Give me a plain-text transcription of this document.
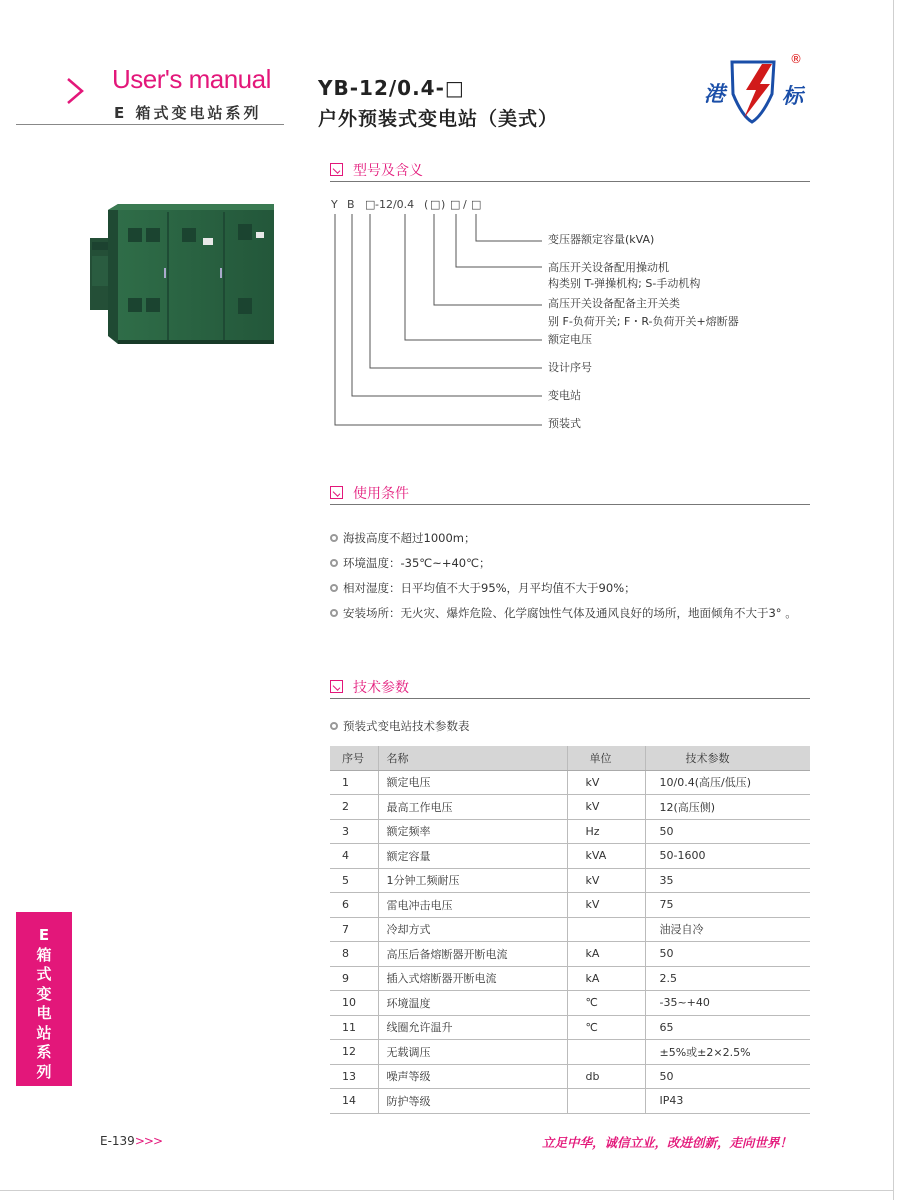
User's manual
E 箱式变电站系列
YB-12/0.4-□
户外预装式变电站（美式）
®
港	标
型号及含义
Y B □ -12/0.4 ( □ ) □ / □
变压器额定容量(kVA)
高压开关设备配用操动机
构类别 T-弹操机构; S-手动机构
高压开关设备配备主开关类
别 F-负荷开关; F・R-负荷开关+熔断器
额定电压
设计序号
变电站
预装式
使用条件
海拔高度不超过1000m；
环境温度：-35℃~+40℃；
相对湿度：日平均值不大于95%，月平均值不大于90%；
安装场所：无火灾、爆炸危险、化学腐蚀性气体及通风良好的场所，地面倾角不大于3° 。
技术参数
预装式变电站技术参数表
序号	名称	单位	技术参数
1	额定电压	kV	10/0.4(高压/低压)
2	最高工作电压	kV	12(高压侧)
3	额定频率	Hz	50
4	额定容量	kVA	50-1600
5	1分钟工频耐压	kV	35
6	雷电冲击电压	kV	75
7	冷却方式		油浸自冷
8	高压后备熔断器开断电流	kA	50
9	插入式熔断器开断电流	kA	2.5
10	环境温度	℃	-35~+40
11	线圈允许温升	℃	65
12	无载调压		±5%或±2×2.5%
13	噪声等级	db	50
14	防护等级		IP43
E
箱
式
变
电
站
系
列
E-139>>>	立足中华，诚信立业，改进创新，走向世界！
